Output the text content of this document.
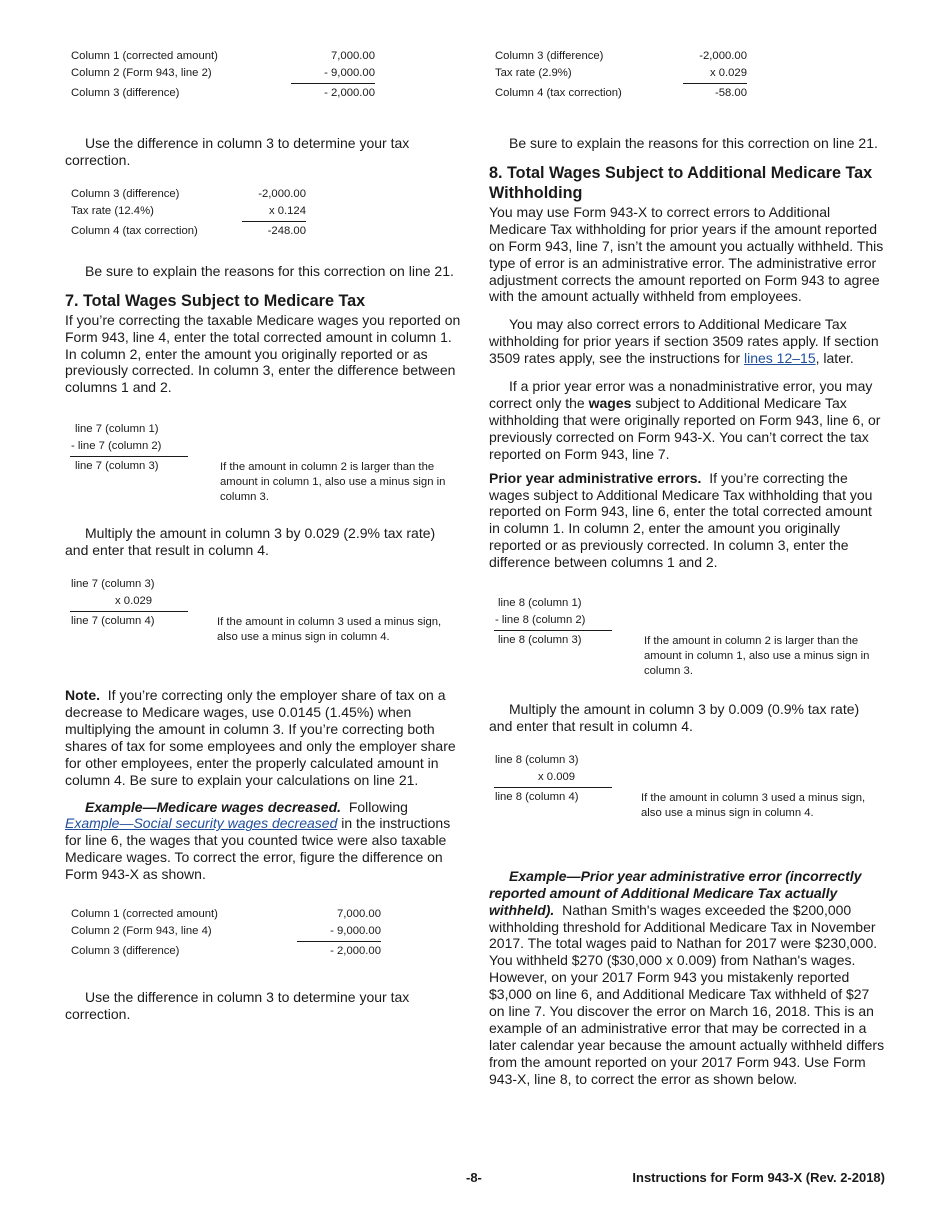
Column 1 (corrected amount)	7,000.00
Column 2 (Form 943, line 2)	- 9,000.00
Column 3 (difference)	- 2,000.00

Use the difference in column 3 to determine your tax correction.

Column 3 (difference)	-2,000.00
Tax rate (12.4%)	x 0.124
Column 4 (tax correction)	-248.00

Be sure to explain the reasons for this correction on line 21.

7. Total Wages Subject to Medicare Tax

If you’re correcting the taxable Medicare wages you reported on Form 943, line 4, enter the total corrected amount in column 1. In column 2, enter the amount you originally reported or as previously corrected. In column 3, enter the difference between columns 1 and 2.

line 7 (column 1)
- line 7 (column 2)
line 7 (column 3)	If the amount in column 2 is larger than the amount in column 1, also use a minus sign in column 3.

Multiply the amount in column 3 by 0.029 (2.9% tax rate) and enter that result in column 4.

line 7 (column 3)
x 0.029
line 7 (column 4)	If the amount in column 3 used a minus sign, also use a minus sign in column 4.

Note. If you’re correcting only the employer share of tax on a decrease to Medicare wages, use 0.0145 (1.45%) when multiplying the amount in column 3. If you’re correcting both shares of tax for some employees and only the employer share for other employees, enter the properly calculated amount in column 4. Be sure to explain your calculations on line 21.

Example—Medicare wages decreased. Following Example—Social security wages decreased in the instructions for line 6, the wages that you counted twice were also taxable Medicare wages. To correct the error, figure the difference on Form 943-X as shown.

Column 1 (corrected amount)	7,000.00
Column 2 (Form 943, line 4)	- 9,000.00
Column 3 (difference)	- 2,000.00

Use the difference in column 3 to determine your tax correction.

Column 3 (difference)	-2,000.00
Tax rate (2.9%)	x 0.029
Column 4 (tax correction)	-58.00

Be sure to explain the reasons for this correction on line 21.

8. Total Wages Subject to Additional Medicare Tax Withholding

You may use Form 943-X to correct errors to Additional Medicare Tax withholding for prior years if the amount reported on Form 943, line 7, isn’t the amount you actually withheld. This type of error is an administrative error. The administrative error adjustment corrects the amount reported on Form 943 to agree with the amount actually withheld from employees.

You may also correct errors to Additional Medicare Tax withholding for prior years if section 3509 rates apply. If section 3509 rates apply, see the instructions for lines 12–15, later.

If a prior year error was a nonadministrative error, you may correct only the wages subject to Additional Medicare Tax withholding that were originally reported on Form 943, line 6, or previously corrected on Form 943-X. You can’t correct the tax reported on Form 943, line 7.

Prior year administrative errors. If you’re correcting the wages subject to Additional Medicare Tax withholding that you reported on Form 943, line 6, enter the total corrected amount in column 1. In column 2, enter the amount you originally reported or as previously corrected. In column 3, enter the difference between columns 1 and 2.

line 8 (column 1)
- line 8 (column 2)
line 8 (column 3)	If the amount in column 2 is larger than the amount in column 1, also use a minus sign in column 3.

Multiply the amount in column 3 by 0.009 (0.9% tax rate) and enter that result in column 4.

line 8 (column 3)
x 0.009
line 8 (column 4)	If the amount in column 3 used a minus sign, also use a minus sign in column 4.

Example—Prior year administrative error (incorrectly reported amount of Additional Medicare Tax actually withheld). Nathan Smith's wages exceeded the $200,000 withholding threshold for Additional Medicare Tax in November 2017. The total wages paid to Nathan for 2017 were $230,000. You withheld $270 ($30,000 x 0.009) from Nathan's wages. However, on your 2017 Form 943 you mistakenly reported $3,000 on line 6, and Additional Medicare Tax withheld of $27 on line 7. You discover the error on March 16, 2018. This is an example of an administrative error that may be corrected in a later calendar year because the amount actually withheld differs from the amount reported on your 2017 Form 943. Use Form 943-X, line 8, to correct the error as shown below.

-8-	Instructions for Form 943-X (Rev. 2-2018)
